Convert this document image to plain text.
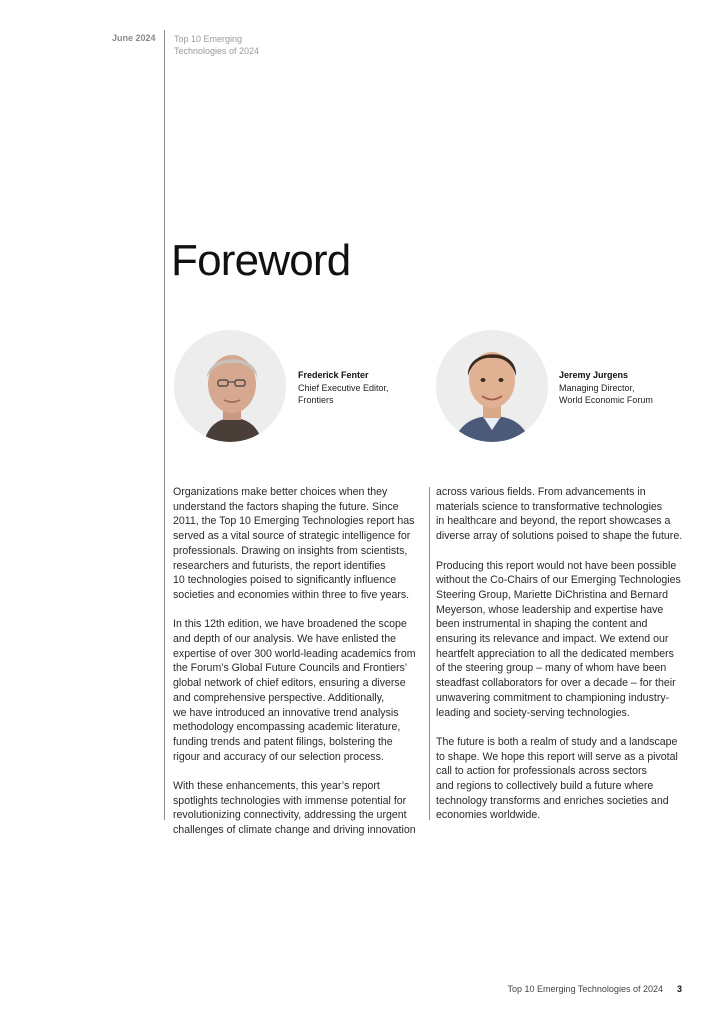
June 2024 Top 10 Emerging
Technologies of 2024
Foreword
Frederick Fenter
Chief Executive Editor,
Frontiers
Jeremy Jurgens
Managing Director,
World Economic Forum

Organizations make better choices when they
understand the factors shaping the future. Since
2011, the Top 10 Emerging Technologies report has
served as a vital source of strategic intelligence for
professionals. Drawing on insights from scientists,
researchers and futurists, the report identifies
10 technologies poised to significantly influence
societies and economies within three to five years.

In this 12th edition, we have broadened the scope
and depth of our analysis. We have enlisted the
expertise of over 300 world-leading academics from
the Forum’s Global Future Councils and Frontiers’
global network of chief editors, ensuring a diverse
and comprehensive perspective. Additionally,
we have introduced an innovative trend analysis
methodology encompassing academic literature,
funding trends and patent filings, bolstering the
rigour and accuracy of our selection process.

With these enhancements, this year’s report
spotlights technologies with immense potential for
revolutionizing connectivity, addressing the urgent
challenges of climate change and driving innovation

across various fields. From advancements in
materials science to transformative technologies
in healthcare and beyond, the report showcases a
diverse array of solutions poised to shape the future.

Producing this report would not have been possible
without the Co-Chairs of our Emerging Technologies
Steering Group, Mariette DiChristina and Bernard
Meyerson, whose leadership and expertise have
been instrumental in shaping the content and
ensuring its relevance and impact. We extend our
heartfelt appreciation to all the dedicated members
of the steering group – many of whom have been
steadfast collaborators for over a decade – for their
unwavering commitment to championing industry-
leading and society-serving technologies.

The future is both a realm of study and a landscape
to shape. We hope this report will serve as a pivotal
call to action for professionals across sectors
and regions to collectively build a future where
technology transforms and enriches societies and
economies worldwide.

Top 10 Emerging Technologies of 2024 3
